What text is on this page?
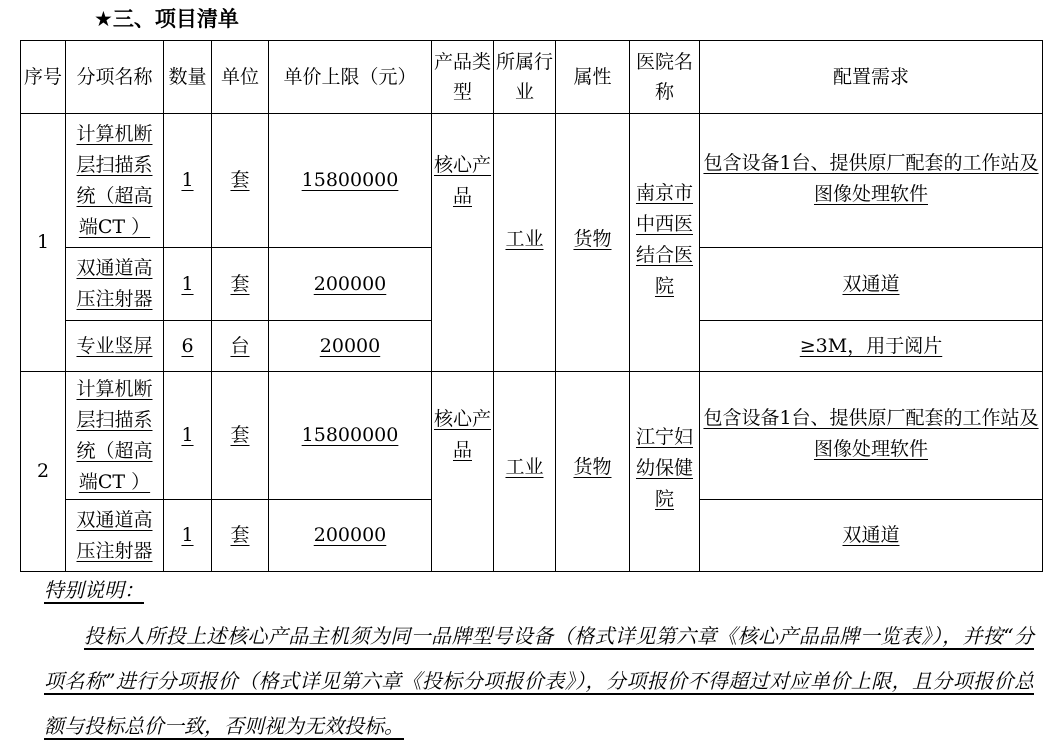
★三、项目清单
序号	分项名称	数量	单位	单价上限（元）	产品类型	所属行业	属性	医院名称	配置需求
1	计算机断层扫描系统（超高端CT ）	1	套	15800000	核心产品	工业	货物	南京市中西医结合医院	包含设备1台、提供原厂配套的工作站及图像处理软件
	双通道高压注射器	1	套	200000					双通道
	专业竖屏	6	台	20000					≥3M，用于阅片
2	计算机断层扫描系统（超高端CT ）	1	套	15800000	核心产品	工业	货物	江宁妇幼保健院	包含设备1台、提供原厂配套的工作站及图像处理软件
	双通道高压注射器	1	套	200000					双通道
特别说明：
投标人所投上述核心产品主机须为同一品牌型号设备（格式详见第六章《核心产品品牌一览表》），并按“分项名称”进行分项报价（格式详见第六章《投标分项报价表》），分项报价不得超过对应单价上限，且分项报价总额与投标总价一致，否则视为无效投标。
